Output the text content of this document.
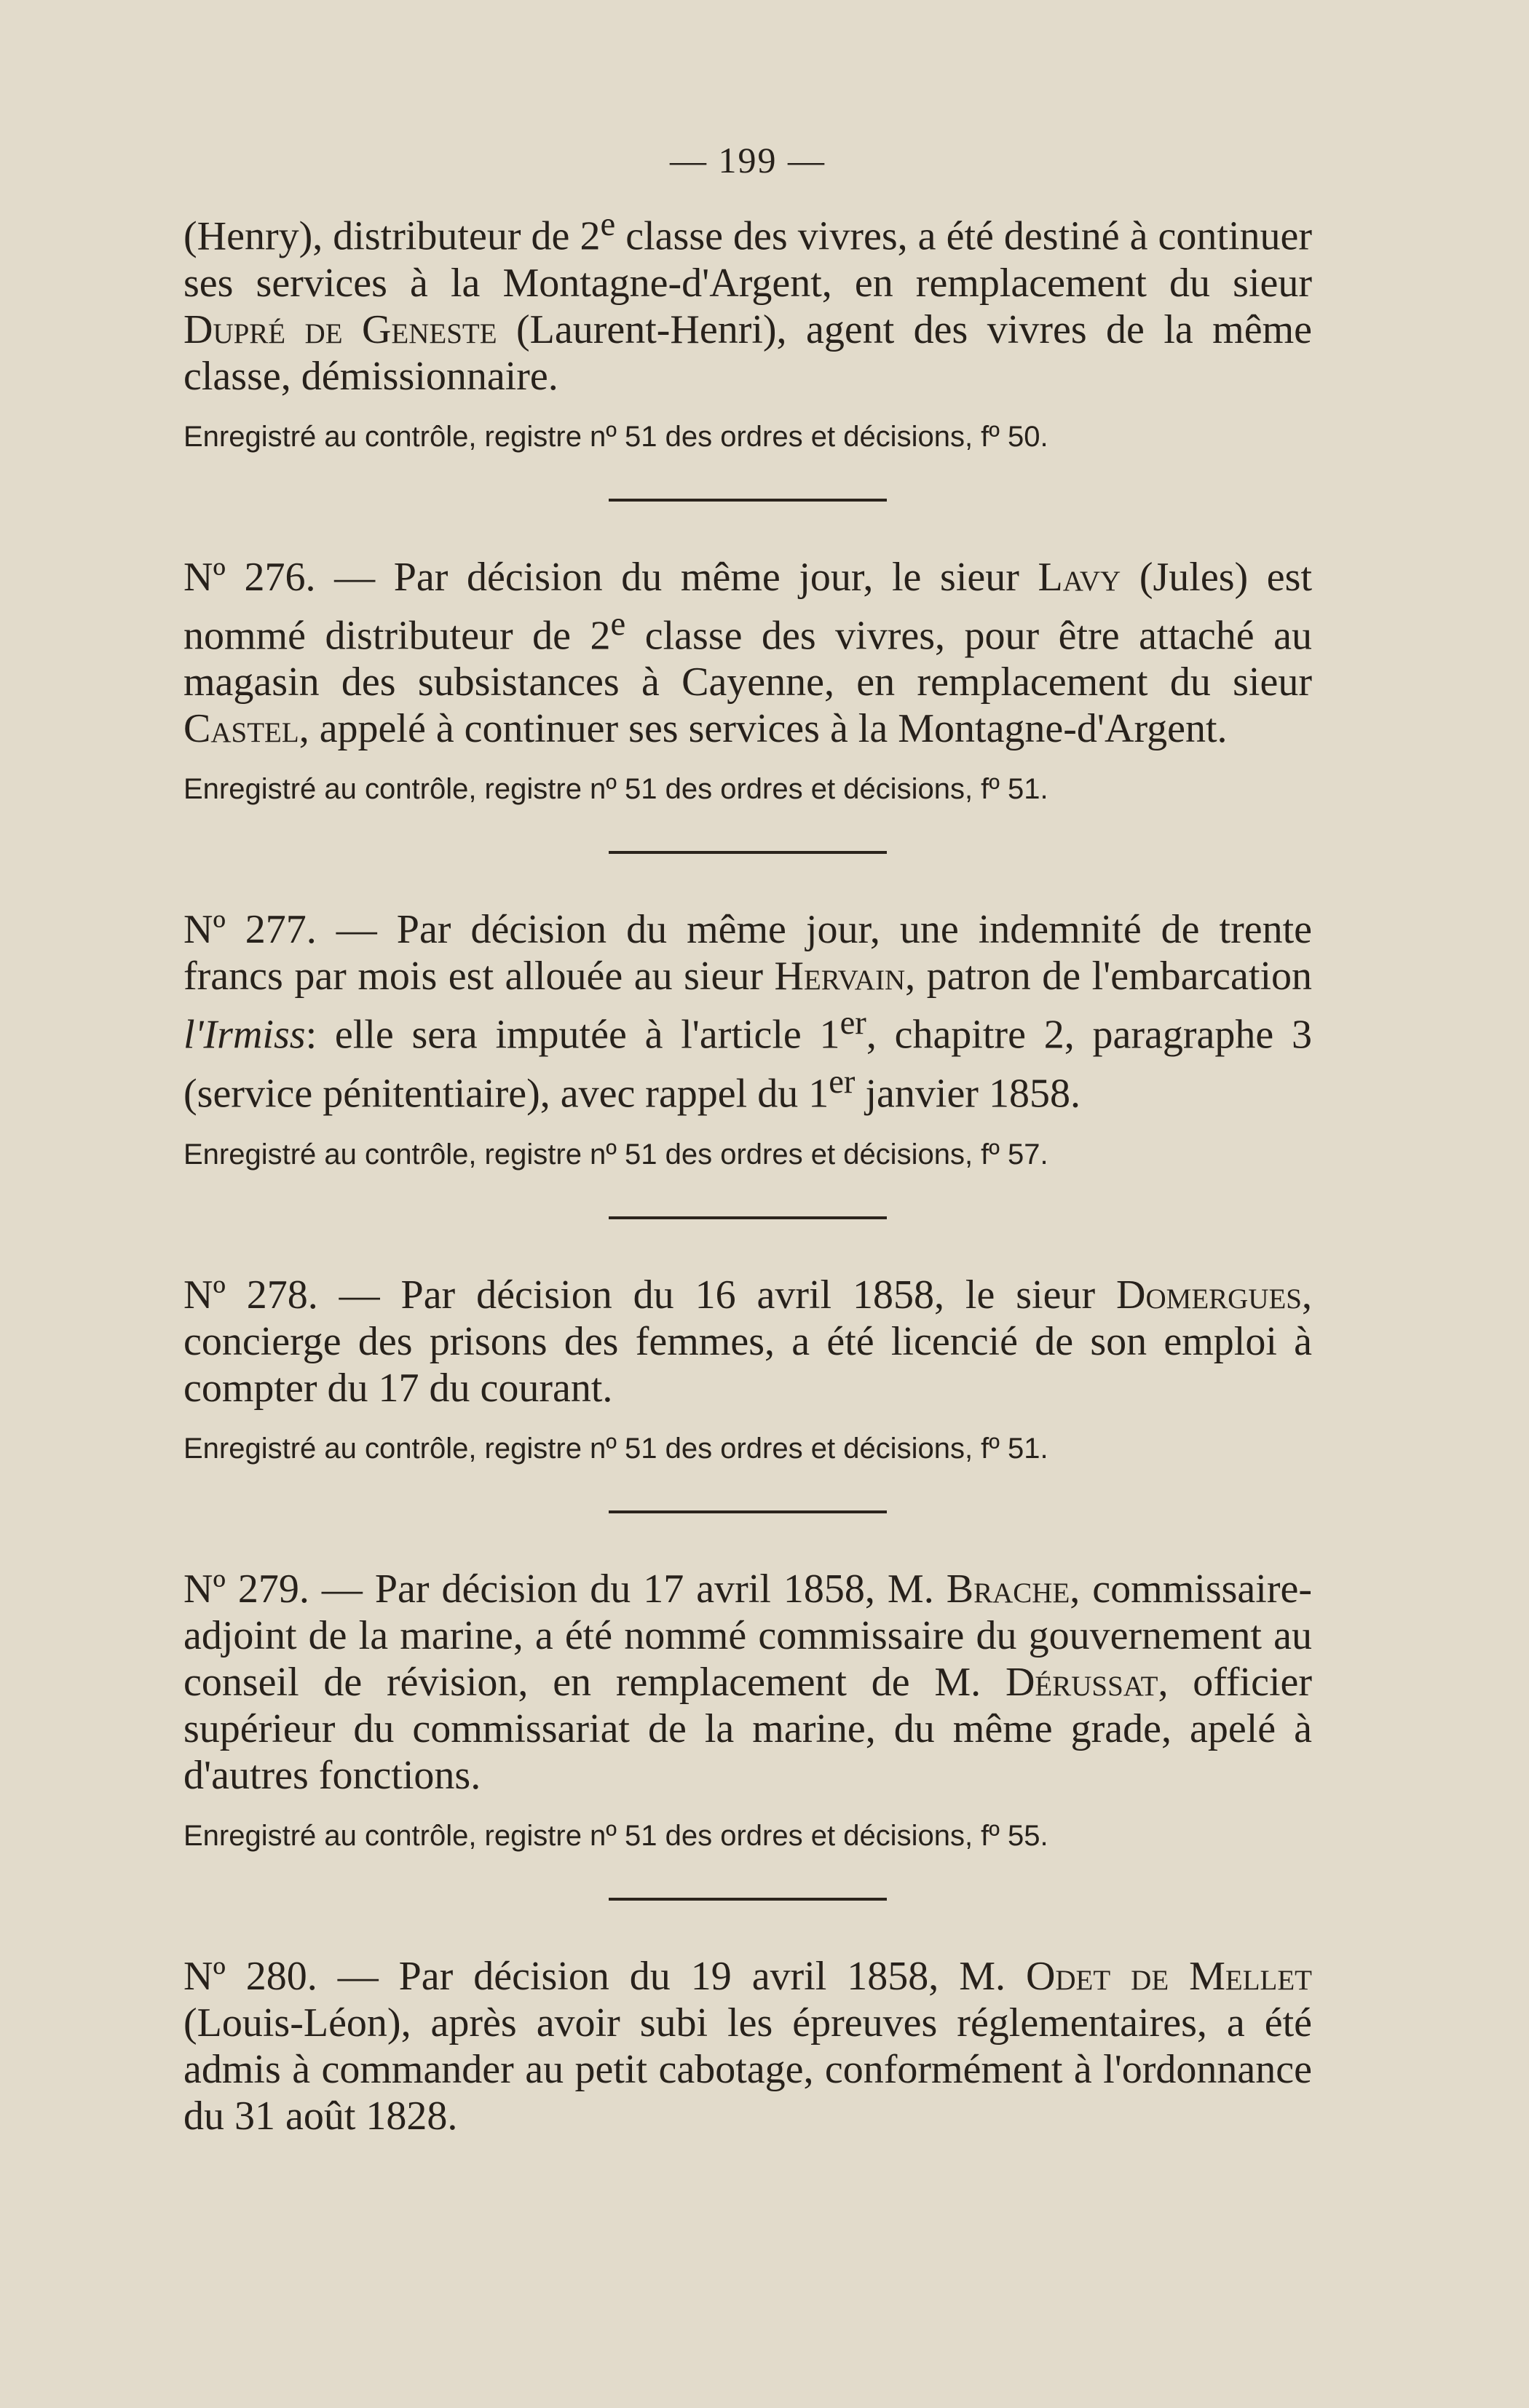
— 199 —

(Henry), distributeur de 2e classe des vivres, a été destiné à continuer ses services à la Montagne-d'Argent, en remplacement du sieur Dupré de Geneste (Laurent-Henri), agent des vivres de la même classe, démissionnaire.

Enregistré au contrôle, registre nº 51 des ordres et décisions, fº 50.

Nº 276. — Par décision du même jour, le sieur Lavy (Jules) est nommé distributeur de 2e classe des vivres, pour être attaché au magasin des subsistances à Cayenne, en remplacement du sieur Castel, appelé à continuer ses services à la Montagne-d'Argent.

Enregistré au contrôle, registre nº 51 des ordres et décisions, fº 51.

Nº 277. — Par décision du même jour, une indemnité de trente francs par mois est allouée au sieur Hervain, patron de l'embarcation l'Irmiss: elle sera imputée à l'article 1er, chapitre 2, paragraphe 3 (service pénitentiaire), avec rappel du 1er janvier 1858.

Enregistré au contrôle, registre nº 51 des ordres et décisions, fº 57.

Nº 278. — Par décision du 16 avril 1858, le sieur Domergues, concierge des prisons des femmes, a été licencié de son emploi à compter du 17 du courant.

Enregistré au contrôle, registre nº 51 des ordres et décisions, fº 51.

Nº 279. — Par décision du 17 avril 1858, M. Brache, commissaire-adjoint de la marine, a été nommé commissaire du gouvernement au conseil de révision, en remplacement de M. Dérussat, officier supérieur du commissariat de la marine, du même grade, apelé à d'autres fonctions.

Enregistré au contrôle, registre nº 51 des ordres et décisions, fº 55.

Nº 280. — Par décision du 19 avril 1858, M. Odet de Mellet (Louis-Léon), après avoir subi les épreuves réglementaires, a été admis à commander au petit cabotage, conformément à l'ordonnance du 31 août 1828.
